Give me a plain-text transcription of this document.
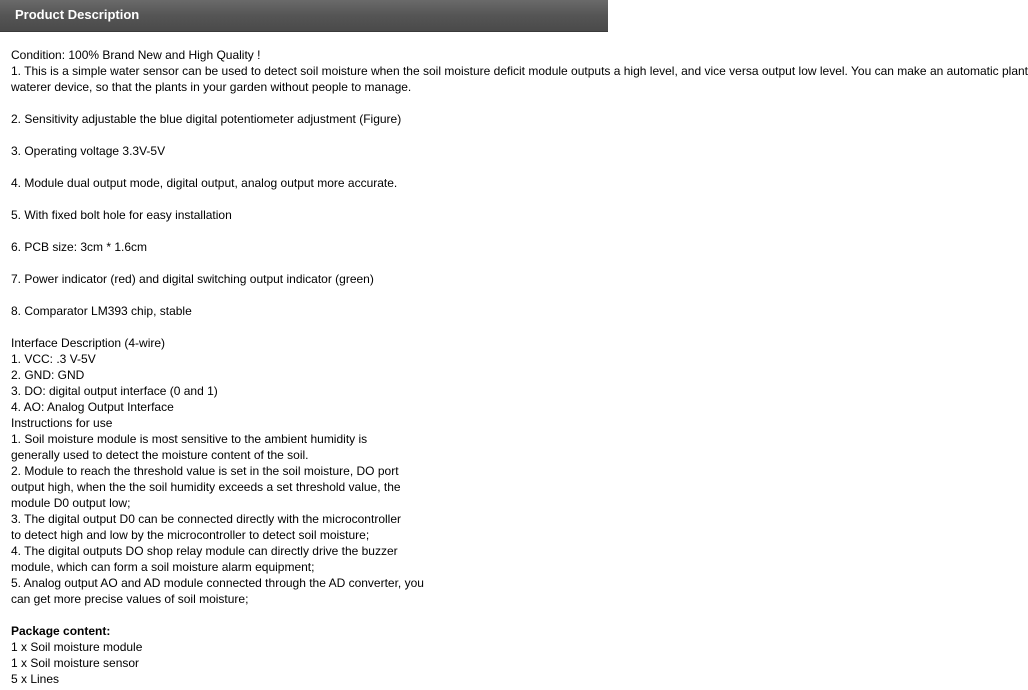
Product Description
Condition: 100% Brand New and High Quality !
1. This is a simple water sensor can be used to detect soil moisture when the soil moisture deficit module outputs a high level, and vice versa output low level. You can make an automatic plant
waterer device, so that the plants in your garden without people to manage.
2. Sensitivity adjustable the blue digital potentiometer adjustment (Figure)
3. Operating voltage 3.3V-5V
4. Module dual output mode, digital output, analog output more accurate.
5. With fixed bolt hole for easy installation
6. PCB size: 3cm * 1.6cm
7. Power indicator (red) and digital switching output indicator (green)
8. Comparator LM393 chip, stable
Interface Description (4-wire)
1. VCC: .3 V-5V
2. GND: GND
3. DO: digital output interface (0 and 1)
4. AO: Analog Output Interface
Instructions for use
1. Soil moisture module is most sensitive to the ambient humidity is
generally used to detect the moisture content of the soil.
2. Module to reach the threshold value is set in the soil moisture, DO port
output high, when the the soil humidity exceeds a set threshold value, the
module D0 output low;
3. The digital output D0 can be connected directly with the microcontroller
to detect high and low by the microcontroller to detect soil moisture;
4. The digital outputs DO shop relay module can directly drive the buzzer
module, which can form a soil moisture alarm equipment;
5. Analog output AO and AD module connected through the AD converter, you
can get more precise values of soil moisture;
Package content:
1 x Soil moisture module
1 x Soil moisture sensor
5 x Lines
